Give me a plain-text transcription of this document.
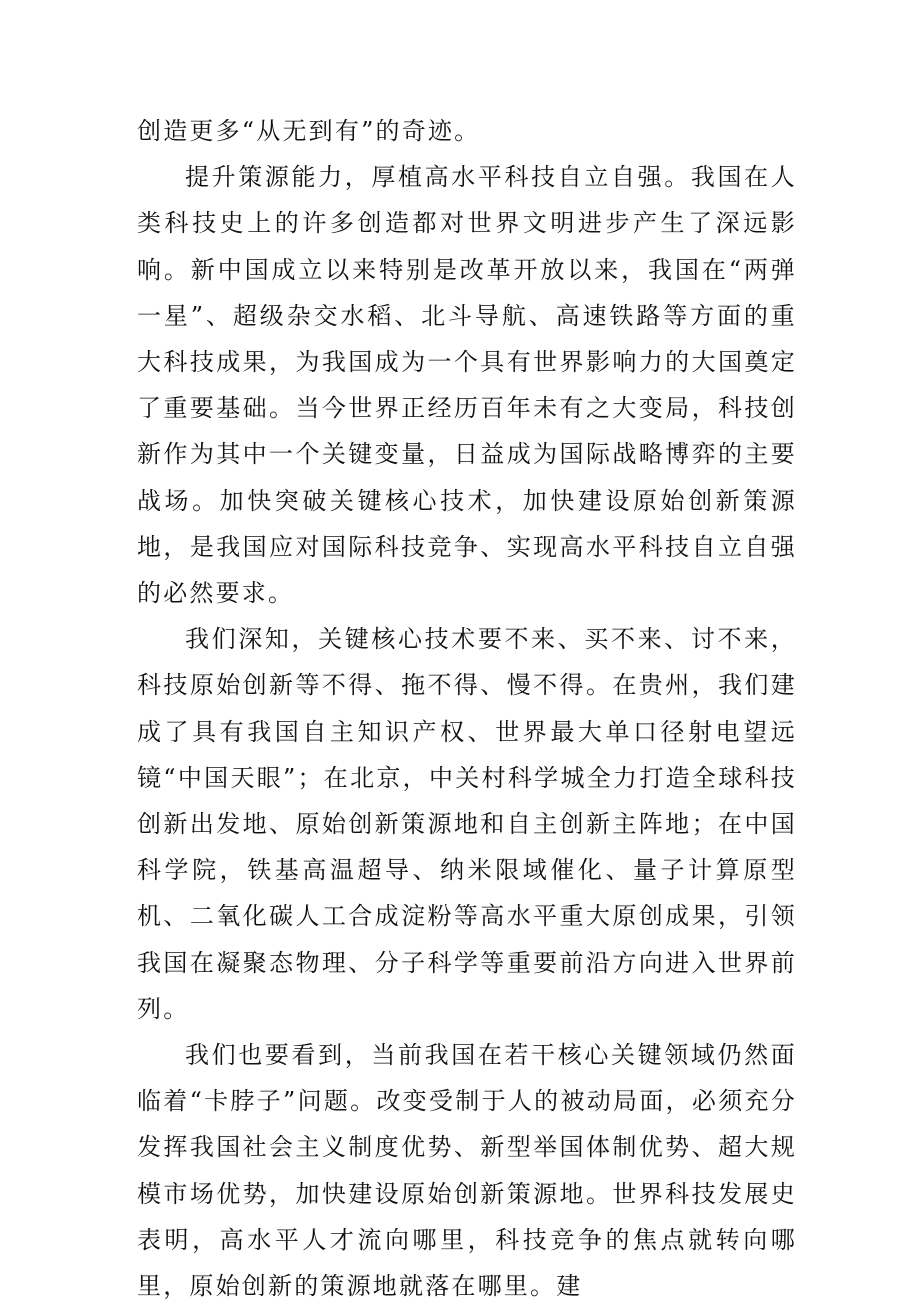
创造更多“从无到有”的奇迹。

提升策源能力，厚植高水平科技自立自强。我国在人类科技史上的许多创造都对世界文明进步产生了深远影响。新中国成立以来特别是改革开放以来，我国在“两弹一星”、超级杂交水稻、北斗导航、高速铁路等方面的重大科技成果，为我国成为一个具有世界影响力的大国奠定了重要基础。当今世界正经历百年未有之大变局，科技创新作为其中一个关键变量，日益成为国际战略博弈的主要战场。加快突破关键核心技术，加快建设原始创新策源地，是我国应对国际科技竞争、实现高水平科技自立自强的必然要求。

我们深知，关键核心技术要不来、买不来、讨不来，科技原始创新等不得、拖不得、慢不得。在贵州，我们建成了具有我国自主知识产权、世界最大单口径射电望远镜“中国天眼”；在北京，中关村科学城全力打造全球科技创新出发地、原始创新策源地和自主创新主阵地；在中国科学院，铁基高温超导、纳米限域催化、量子计算原型机、二氧化碳人工合成淀粉等高水平重大原创成果，引领我国在凝聚态物理、分子科学等重要前沿方向进入世界前列。

我们也要看到，当前我国在若干核心关键领域仍然面临着“卡脖子”问题。改变受制于人的被动局面，必须充分发挥我国社会主义制度优势、新型举国体制优势、超大规模市场优势，加快建设原始创新策源地。世界科技发展史表明，高水平人才流向哪里，科技竞争的焦点就转向哪里，原始创新的策源地就落在哪里。建
